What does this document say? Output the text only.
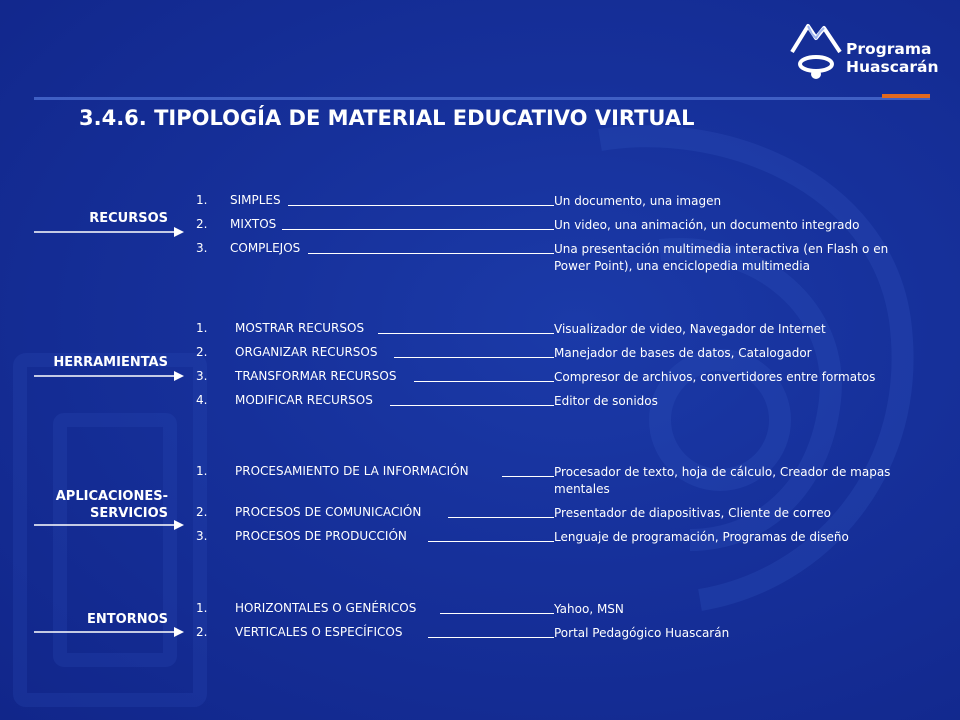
Programa
Huascarán
3.4.6. TIPOLOGÍA DE MATERIAL EDUCATIVO VIRTUAL
RECURSOS
1.	SIMPLES	Un documento, una imagen
2.	MIXTOS	Un video, una animación, un documento integrado
3.	COMPLEJOS	Una presentación multimedia interactiva (en Flash o en Power Point), una enciclopedia multimedia
HERRAMIENTAS
1.	MOSTRAR RECURSOS	Visualizador de video, Navegador de Internet
2.	ORGANIZAR RECURSOS	Manejador de bases de datos, Catalogador
3.	TRANSFORMAR RECURSOS	Compresor de archivos, convertidores entre formatos
4.	MODIFICAR RECURSOS	Editor de sonidos
APLICACIONES-
SERVICIOS
1.	PROCESAMIENTO DE LA INFORMACIÓN	Procesador de texto, hoja de cálculo, Creador de mapas mentales
2.	PROCESOS DE COMUNICACIÓN	Presentador de diapositivas, Cliente de correo
3.	PROCESOS DE PRODUCCIÓN	Lenguaje de programación, Programas de diseño
ENTORNOS
1.	HORIZONTALES O GENÉRICOS	Yahoo, MSN
2.	VERTICALES O ESPECÍFICOS	Portal Pedagógico Huascarán
